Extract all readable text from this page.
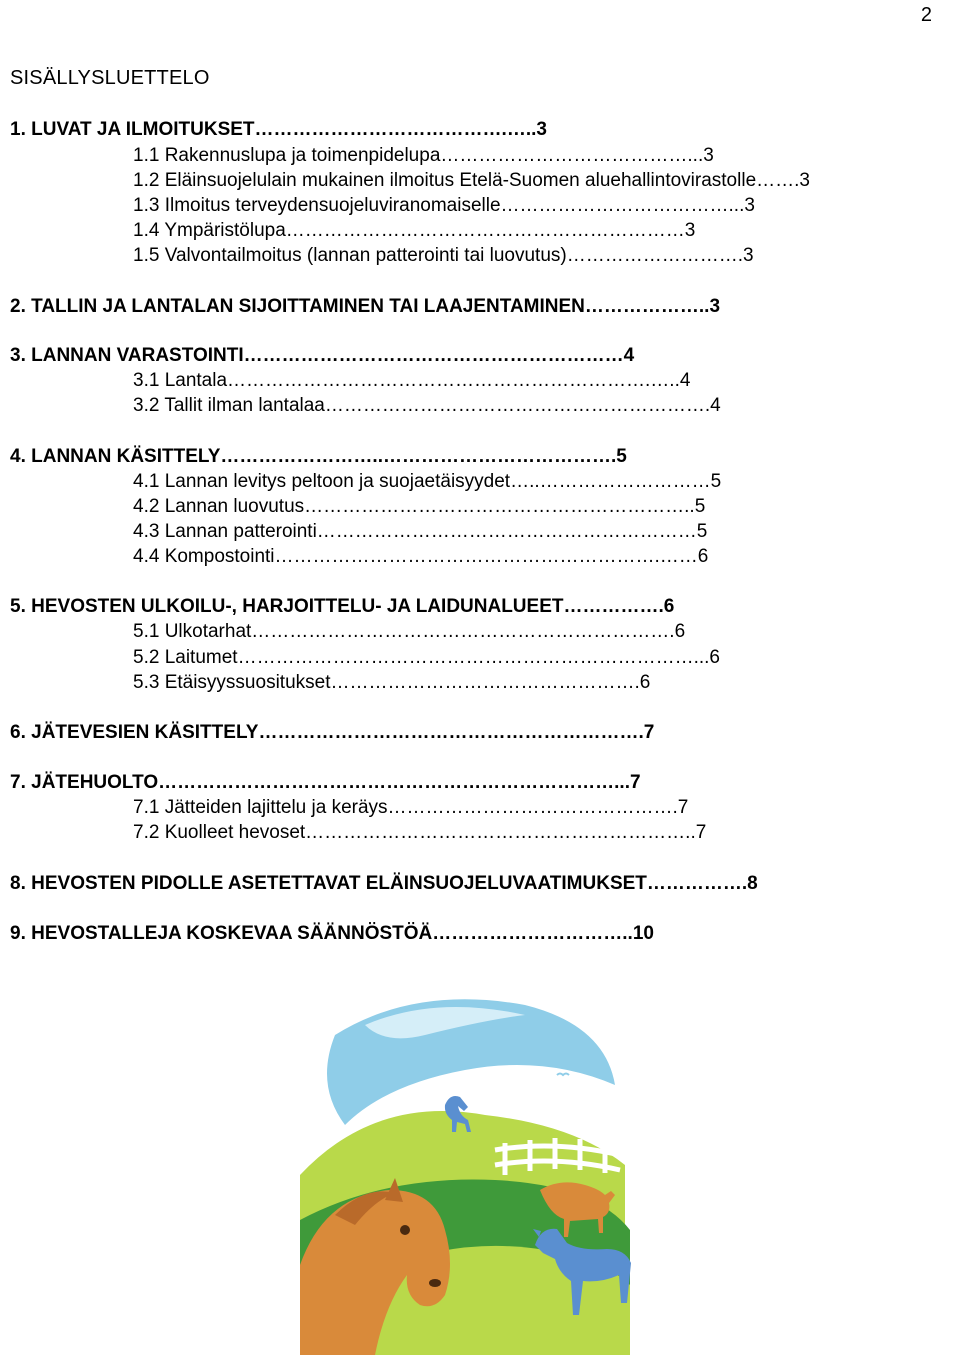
2
SISÄLLYSLUETTELO
1. LUVAT JA ILMOITUKSET………………………………….…..3
1.1 Rakennuslupa ja toimenpidelupa…………………………………...3
1.2 Eläinsuojelulain mukainen ilmoitus Etelä-Suomen aluehallintovirastolle…….3
1.3 Ilmoitus terveydensuojeluviranomaiselle………………………………...3
1.4 Ympäristölupa………………………………………………………3
1.5 Valvontailmoitus (lannan patterointi tai luovutus)……………………….3
2. TALLIN JA LANTALAN SIJOITTAMINEN TAI LAAJENTAMINEN………………..3
3. LANNAN VARASTOINTI……………………………………………………4
3.1 Lantala………………………………………………………….…..4
3.2 Tallit ilman lantalaa…………………………………………………….4
4. LANNAN KÄSITTELY……………………..……………………………….5
4.1 Lannan levitys peltoon ja suojaetäisyydet…..………………………5
4.2 Lannan luovutus……………………………………………………..5
4.3 Lannan patterointi……………………………………………………5
4.4 Kompostointi…………………………………………………….……6
5. HEVOSTEN ULKOILU-, HARJOITTELU- JA LAIDUNALUEET…………….6
5.1 Ulkotarhat………………………………………………………….6
5.2 Laitumet………………………………………………………………...6
5.3 Etäisyyssuositukset………………………………………….6
6. JÄTEVESIEN KÄSITTELY…………………………………………………….7
7. JÄTEHUOLTO………………………………………………………………...7
7.1 Jätteiden lajittelu ja keräys……………………………………….7
7.2 Kuolleet hevoset……………………………………………………..7
8. HEVOSTEN PIDOLLE ASETETTAVAT ELÄINSUOJELUVAATIMUKSET…………….8
9. HEVOSTALLEJA KOSKEVAA SÄÄNNÖSTÖÄ…………………………..10
